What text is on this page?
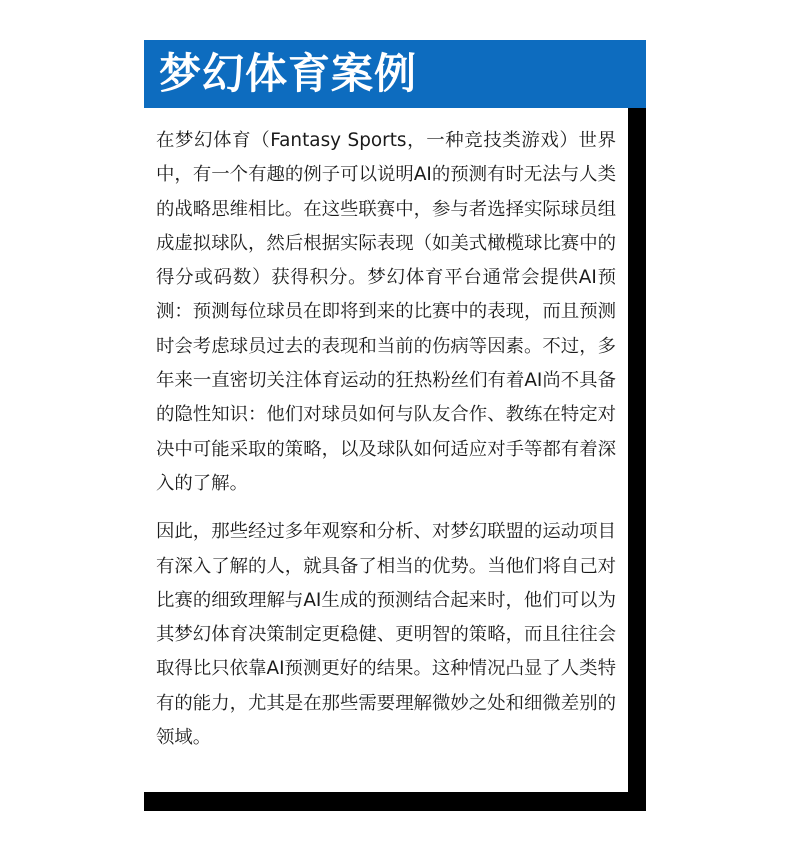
梦幻体育案例

在梦幻体育（Fantasy Sports，一种竞技类游戏）世界中，有一个有趣的例子可以说明AI的预测有时无法与人类的战略思维相比。在这些联赛中，参与者选择实际球员组成虚拟球队，然后根据实际表现（如美式橄榄球比赛中的得分或码数）获得积分。梦幻体育平台通常会提供AI预测：预测每位球员在即将到来的比赛中的表现，而且预测时会考虑球员过去的表现和当前的伤病等因素。不过，多年来一直密切关注体育运动的狂热粉丝们有着AI尚不具备的隐性知识：他们对球员如何与队友合作、教练在特定对决中可能采取的策略，以及球队如何适应对手等都有着深入的了解。

因此，那些经过多年观察和分析、对梦幻联盟的运动项目有深入了解的人，就具备了相当的优势。当他们将自己对比赛的细致理解与AI生成的预测结合起来时，他们可以为其梦幻体育决策制定更稳健、更明智的策略，而且往往会取得比只依靠AI预测更好的结果。这种情况凸显了人类特有的能力，尤其是在那些需要理解微妙之处和细微差别的领域。
